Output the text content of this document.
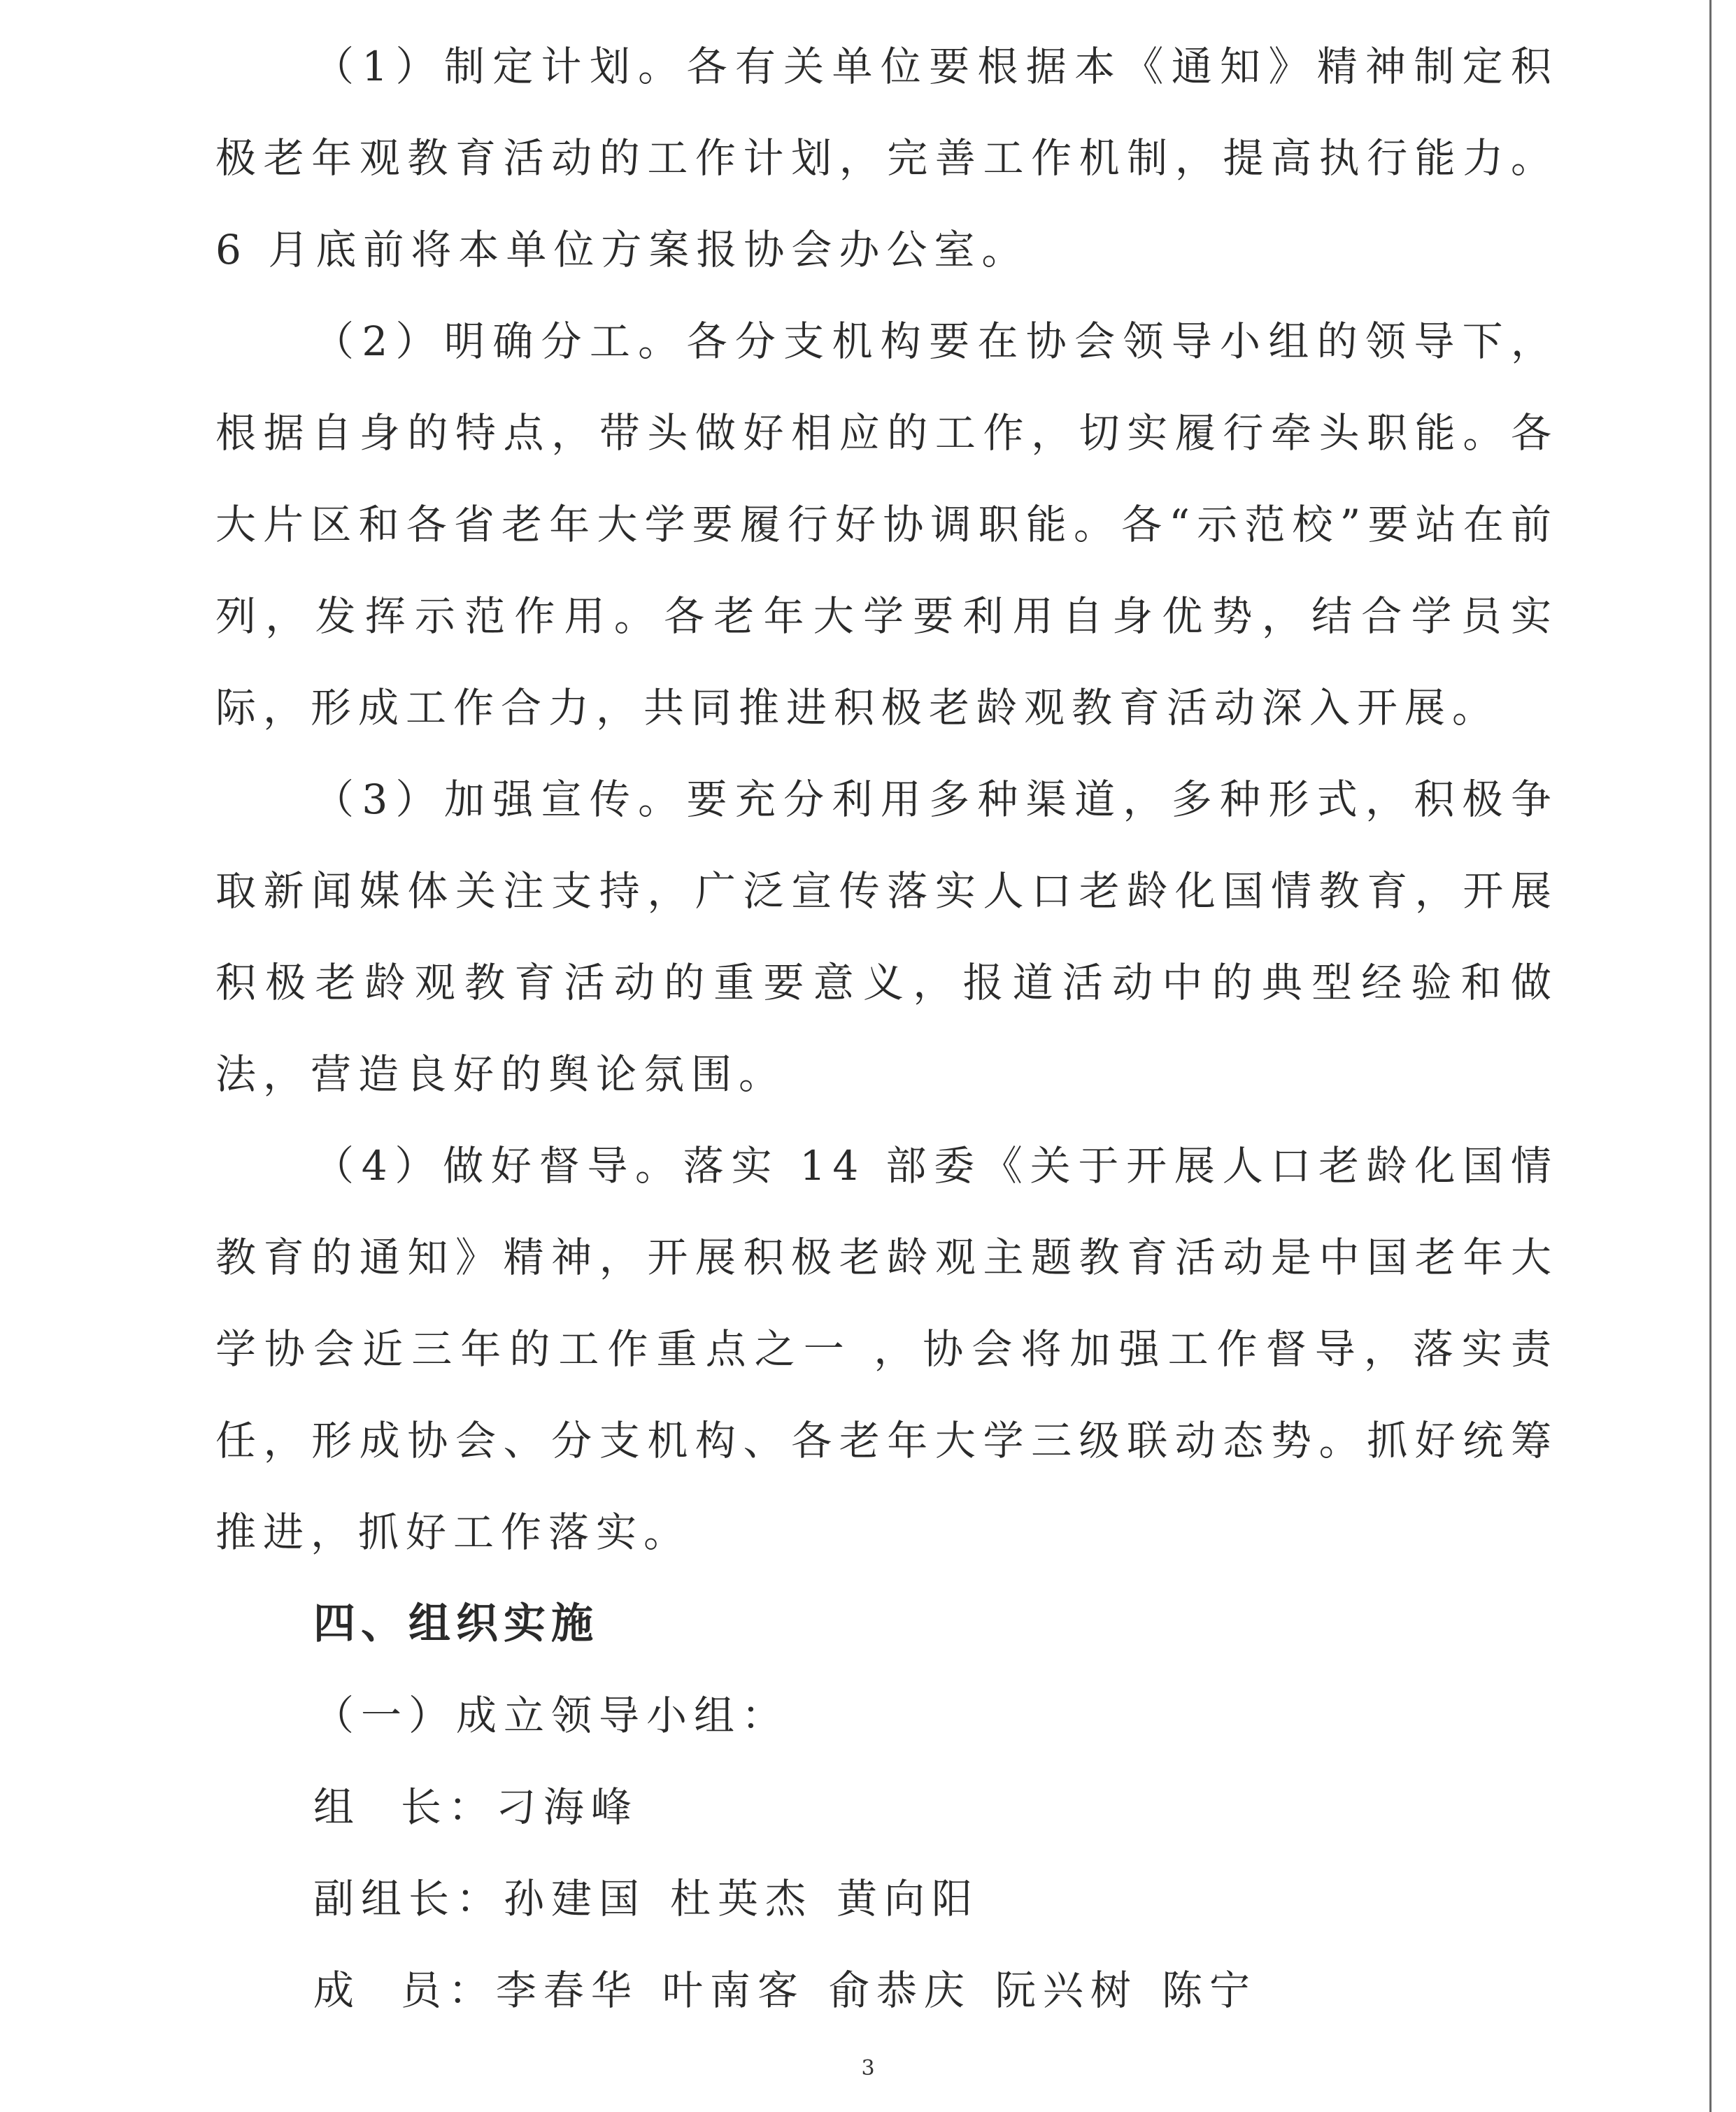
（1）制定计划。各有关单位要根据本《通知》精神制定积极老年观教育活动的工作计划，完善工作机制，提高执行能力。6 月底前将本单位方案报协会办公室。

（2）明确分工。各分支机构要在协会领导小组的领导下，根据自身的特点，带头做好相应的工作，切实履行牵头职能。各大片区和各省老年大学要履行好协调职能。各“示范校”要站在前列，发挥示范作用。各老年大学要利用自身优势，结合学员实际，形成工作合力，共同推进积极老龄观教育活动深入开展。

（3）加强宣传。要充分利用多种渠道，多种形式，积极争取新闻媒体关注支持，广泛宣传落实人口老龄化国情教育，开展积极老龄观教育活动的重要意义，报道活动中的典型经验和做法，营造良好的舆论氛围。

（4）做好督导。落实 14 部委《关于开展人口老龄化国情教育的通知》精神，开展积极老龄观主题教育活动是中国老年大学协会近三年的工作重点之一 ，协会将加强工作督导，落实责任，形成协会、分支机构、各老年大学三级联动态势。抓好统筹推进，抓好工作落实。

四、组织实施

（一）成立领导小组：

组  长：刁海峰

副组长：孙建国 杜英杰 黄向阳

成  员：李春华 叶南客 俞恭庆 阮兴树 陈宁

3
